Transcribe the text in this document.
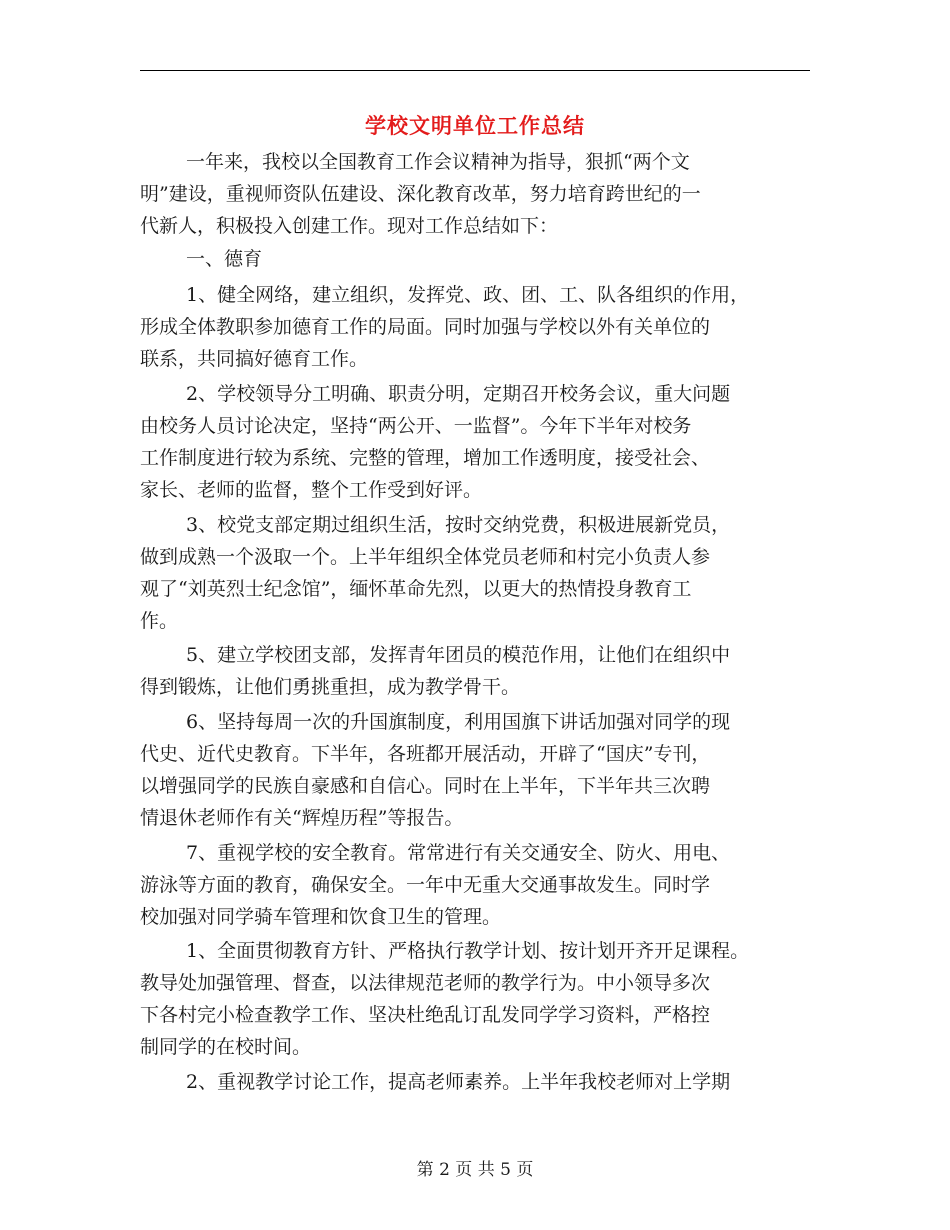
学校文明单位工作总结
一年来，我校以全国教育工作会议精神为指导，狠抓“两个文
明”建设，重视师资队伍建设、深化教育改革，努力培育跨世纪的一
代新人，积极投入创建工作。现对工作总结如下：
一、德育
1、健全网络，建立组织，发挥党、政、团、工、队各组织的作用，
形成全体教职参加德育工作的局面。同时加强与学校以外有关单位的
联系，共同搞好德育工作。
2、学校领导分工明确、职责分明，定期召开校务会议，重大问题
由校务人员讨论决定，坚持“两公开、一监督”。今年下半年对校务
工作制度进行较为系统、完整的管理，增加工作透明度，接受社会、
家长、老师的监督，整个工作受到好评。
3、校党支部定期过组织生活，按时交纳党费，积极进展新党员，
做到成熟一个汲取一个。上半年组织全体党员老师和村完小负责人参
观了“刘英烈士纪念馆”，缅怀革命先烈，以更大的热情投身教育工
作。
5、建立学校团支部，发挥青年团员的模范作用，让他们在组织中
得到锻炼，让他们勇挑重担，成为教学骨干。
6、坚持每周一次的升国旗制度，利用国旗下讲话加强对同学的现
代史、近代史教育。下半年，各班都开展活动，开辟了“国庆”专刊，
以增强同学的民族自豪感和自信心。同时在上半年，下半年共三次聘
情退休老师作有关“辉煌历程”等报告。
7、重视学校的安全教育。常常进行有关交通安全、防火、用电、
游泳等方面的教育，确保安全。一年中无重大交通事故发生。同时学
校加强对同学骑车管理和饮食卫生的管理。
1、全面贯彻教育方针、严格执行教学计划、按计划开齐开足课程。
教导处加强管理、督查，以法律规范老师的教学行为。中小领导多次
下各村完小检查教学工作、坚决杜绝乱订乱发同学学习资料，严格控
制同学的在校时间。
2、重视教学讨论工作，提高老师素养。上半年我校老师对上学期
第 2 页 共 5 页
